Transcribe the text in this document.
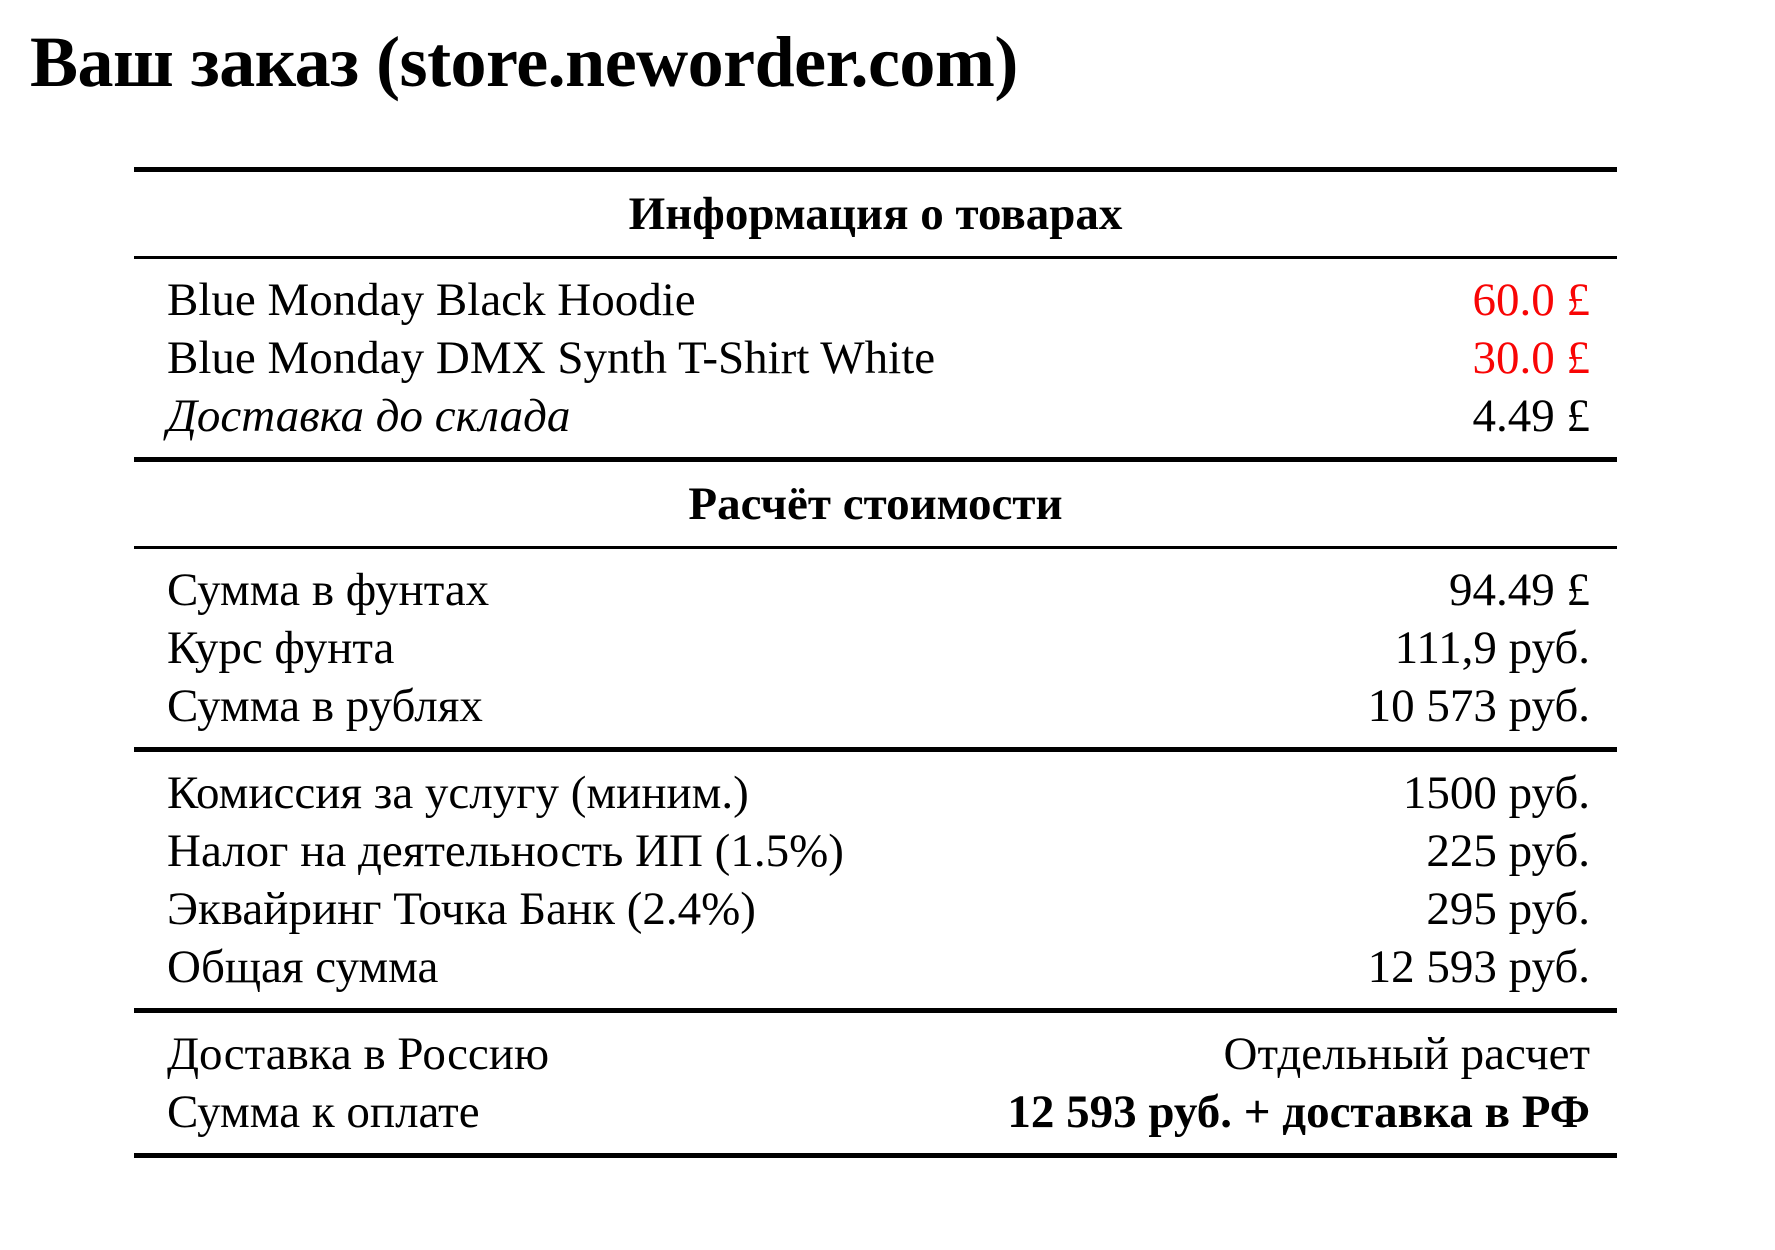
Ваш заказ (store.neworder.com)
Информация о товарах
Blue Monday Black Hoodie	60.0 £
Blue Monday DMX Synth T-Shirt White	30.0 £
Доставка до склада	4.49 £
Расчёт стоимости
Сумма в фунтах	94.49 £
Курс фунта	111,9 руб.
Сумма в рублях	10 573 руб.
Комиссия за услугу (миним.)	1500 руб.
Налог на деятельность ИП (1.5%)	225 руб.
Эквайринг Точка Банк (2.4%)	295 руб.
Общая сумма	12 593 руб.
Доставка в Россию	Отдельный расчет
Сумма к оплате	12 593 руб. + доставка в РФ
